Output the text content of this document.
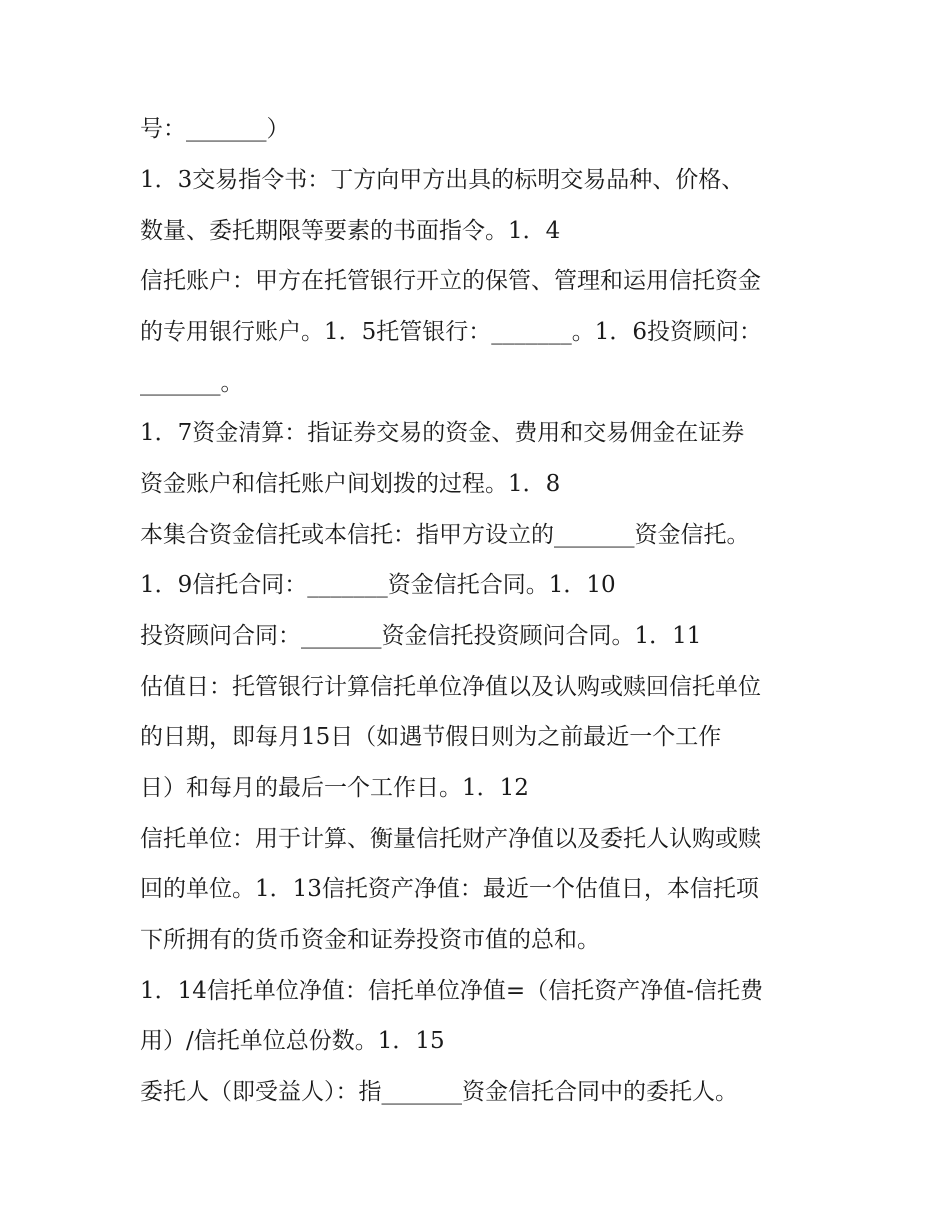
号：_______）
1．3交易指令书：丁方向甲方出具的标明交易品种、价格、
数量、委托期限等要素的书面指令。1．4
信托账户：甲方在托管银行开立的保管、管理和运用信托资金
的专用银行账户。1．5托管银行：_______。1．6投资顾问：
_______。
1．7资金清算：指证券交易的资金、费用和交易佣金在证券
资金账户和信托账户间划拨的过程。1．8
本集合资金信托或本信托：指甲方设立的_______资金信托。
1．9信托合同：_______资金信托合同。1．10
投资顾问合同：_______资金信托投资顾问合同。1．11
估值日：托管银行计算信托单位净值以及认购或赎回信托单位
的日期，即每月15日（如遇节假日则为之前最近一个工作
日）和每月的最后一个工作日。1．12
信托单位：用于计算、衡量信托财产净值以及委托人认购或赎
回的单位。1．13信托资产净值：最近一个估值日，本信托项
下所拥有的货币资金和证券投资市值的总和。
1．14信托单位净值：信托单位净值=（信托资产净值-信托费
用）/信托单位总份数。1．15
委托人（即受益人）：指_______资金信托合同中的委托人。
